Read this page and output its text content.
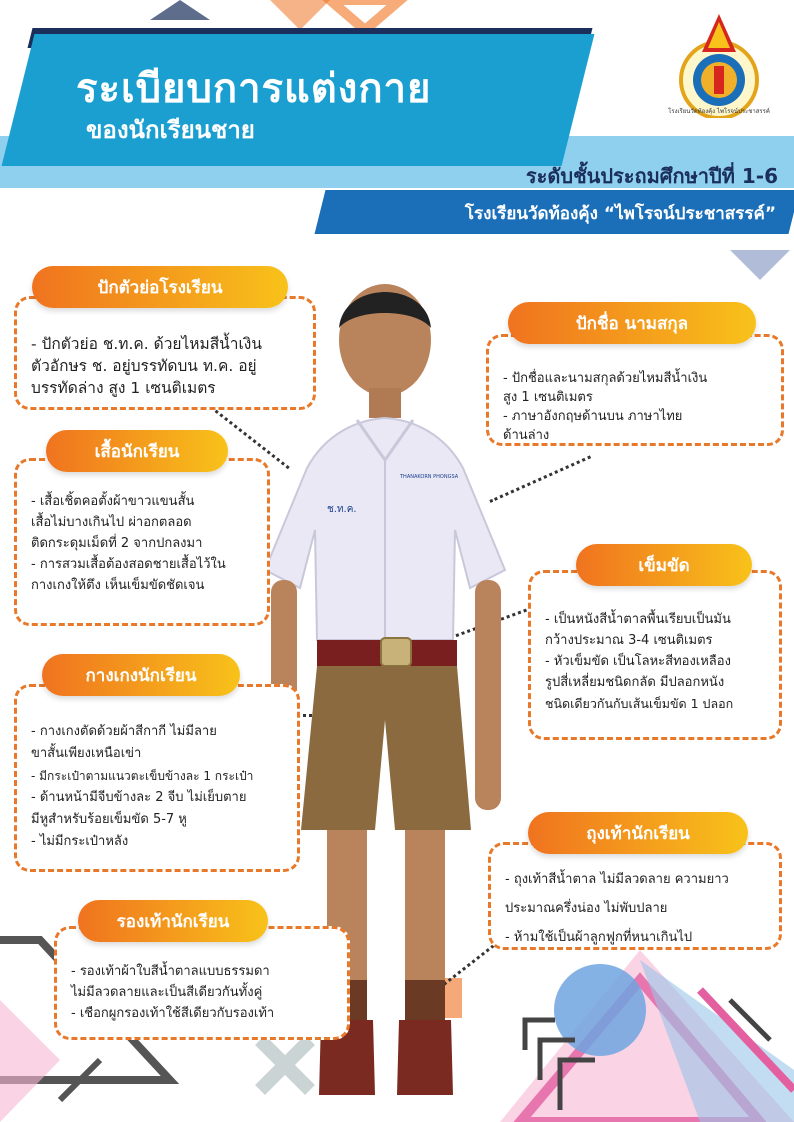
ระเบียบการแต่งกาย
ของนักเรียนชาย
ระดับชั้นประถมศึกษาปีที่ 1-6
โรงเรียนวัดท้องคุ้ง “ไพโรจน์ประชาสรรค์”
โรงเรียนวัดท้องคุ้ง ไพโรจน์ประชาสรรค์
ช.ท.ค.
THANAKORN PHONGSA

- ปักตัวย่อ ช.ท.ค. ด้วยไหมสีน้ำเงิน

ตัวอักษร ช. อยู่บรรทัดบน ท.ค. อยู่

บรรทัดล่าง สูง 1 เซนติเมตร

ปักตัวย่อโรงเรียน

- เสื้อเชิ้ตคอตั้งผ้าขาวแขนสั้น

เสื้อไม่บางเกินไป ผ่าอกตลอด

ติดกระดุมเม็ดที่ 2 จากปกลงมา

- การสวมเสื้อต้องสอดชายเสื้อไว้ใน

กางเกงให้ตึง เห็นเข็มขัดชัดเจน

เสื้อนักเรียน

- กางเกงตัดด้วยผ้าสีกากี ไม่มีลาย

ขาสั้นเพียงเหนือเข่า

- มีกระเป๋าตามแนวตะเข็บข้างละ 1 กระเป๋า

- ด้านหน้ามีจีบข้างละ 2 จีบ ไม่เย็บตาย

มีหูสำหรับร้อยเข็มขัด 5-7 หู

- ไม่มีกระเป๋าหลัง

กางเกงนักเรียน

- รองเท้าผ้าใบสีน้ำตาลแบบธรรมดา

ไม่มีลวดลายและเป็นสีเดียวกันทั้งคู่

- เชือกผูกรองเท้าใช้สีเดียวกับรองเท้า

รองเท้านักเรียน

- ปักชื่อและนามสกุลด้วยไหมสีน้ำเงิน

สูง 1 เซนติเมตร

- ภาษาอังกฤษด้านบน ภาษาไทย

ด้านล่าง

ปักชื่อ นามสกุล

- เป็นหนังสีน้ำตาลพื้นเรียบเป็นมัน

กว้างประมาณ 3-4 เซนติเมตร

- หัวเข็มขัด เป็นโลหะสีทองเหลือง

รูปสี่เหลี่ยมชนิดกลัด มีปลอกหนัง

ชนิดเดียวกันกับเส้นเข็มขัด 1 ปลอก

เข็มขัด

- ถุงเท้าสีน้ำตาล ไม่มีลวดลาย ความยาว

ประมาณครึ่งน่อง ไม่พับปลาย

- ห้ามใช้เป็นผ้าลูกฟูกที่หนาเกินไป

ถุงเท้านักเรียน
